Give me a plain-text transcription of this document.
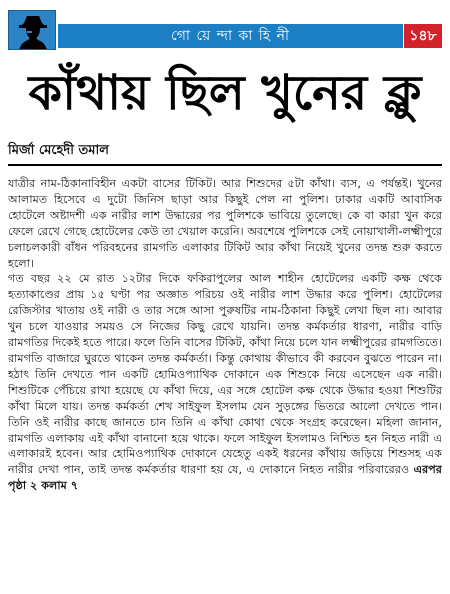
গো য়ে ন্দা কা হি নী	১৪৮
কাঁথায় ছিল খুনের ক্লু
মির্জা মেহেদী তমাল

যাত্রীর নাম-ঠিকানাবিহীন একটা বাসের টিকিট। আর শিশুদের ৫টা কাঁথা। ব্যস, এ পর্যন্তই। খুনের আলামত হিসেবে এ দুটো জিনিস ছাড়া আর কিছুই পেল না পুলিশ। ঢাকার একটি আবাসিক হোটেলে অষ্টাদশী এক নারীর লাশ উদ্ধারের পর পুলিশকে ভাবিয়ে তুলেছে। কে বা কারা খুন করে ফেলে রেখে গেছে হোটেলের কেউ তা খেয়াল করেনি। অবশেষে পুলিশকে সেই নোয়াখালী-লক্ষ্মীপুরে চলাচলকারী বাঁধন পরিবহনের রামগতি এলাকার টিকিট আর কাঁথা নিয়েই খুনের তদন্ত শুরু করতে হলো।

গত বছর ২২ মে রাত ১২টার দিকে ফকিরাপুলের আল শাহীন হোটেলের একটি কক্ষ থেকে হত্যাকাণ্ডের প্রায় ১৫ ঘণ্টা পর অজ্ঞাত পরিচয় ওই নারীর লাশ উদ্ধার করে পুলিশ। হোটেলের রেজিস্টার খাতায় ওই নারী ও তার সঙ্গে আসা পুরুষটির নাম-ঠিকানা কিছুই লেখা ছিল না। আবার খুন চলে যাওয়ার সময়ও সে নিজের কিছু রেখে যায়নি। তদন্ত কর্মকর্তার ধারণা, নারীর বাড়ি রামগতির দিকেই হতে পারে। ফলে তিনি বাসের টিকিট, কাঁথা নিয়ে চলে যান লক্ষ্মীপুরের রামগতিতে। রামগতি বাজারে ঘুরতে থাকেন তদন্ত কর্মকর্তা। কিন্তু কোথায় কীভাবে কী করবেন বুঝতে পারেন না। হঠাৎ তিনি দেখতে পান একটি হোমিওপ্যাথিক দোকানে এক শিশুকে নিয়ে এসেছেন এক নারী। শিশুটিকে পেঁচিয়ে রাখা হয়েছে যে কাঁথা দিয়ে, এর সঙ্গে হোটেল কক্ষ থেকে উদ্ধার হওয়া শিশুটির কাঁথা মিলে যায়। তদন্ত কর্মকর্তা শেখ সাইফুল ইসলাম যেন সুড়ঙ্গের ভিতরে আলো দেখতে পান। তিনি ওই নারীর কাছে জানতে চান তিনি এ কাঁথা কোথা থেকে সংগ্রহ করেছেন। মহিলা জানান, রামগতি এলাকায় এই কাঁথা বানানো হয়ে থাকে। ফলে সাইফুল ইসলামও নিশ্চিত হন নিহত নারী এ এলাকারই হবেন। আর হোমিওপ্যাথিক দোকানে যেহেতু একই ধরনের কাঁথায় জড়িয়ে শিশুসহ এক নারীর দেখা পান, তাই তদন্ত কর্মকর্তার ধারণা হয় যে, এ দোকানে নিহত নারীর পরিবারেরও এরপর পৃষ্ঠা ২ কলাম ৭
